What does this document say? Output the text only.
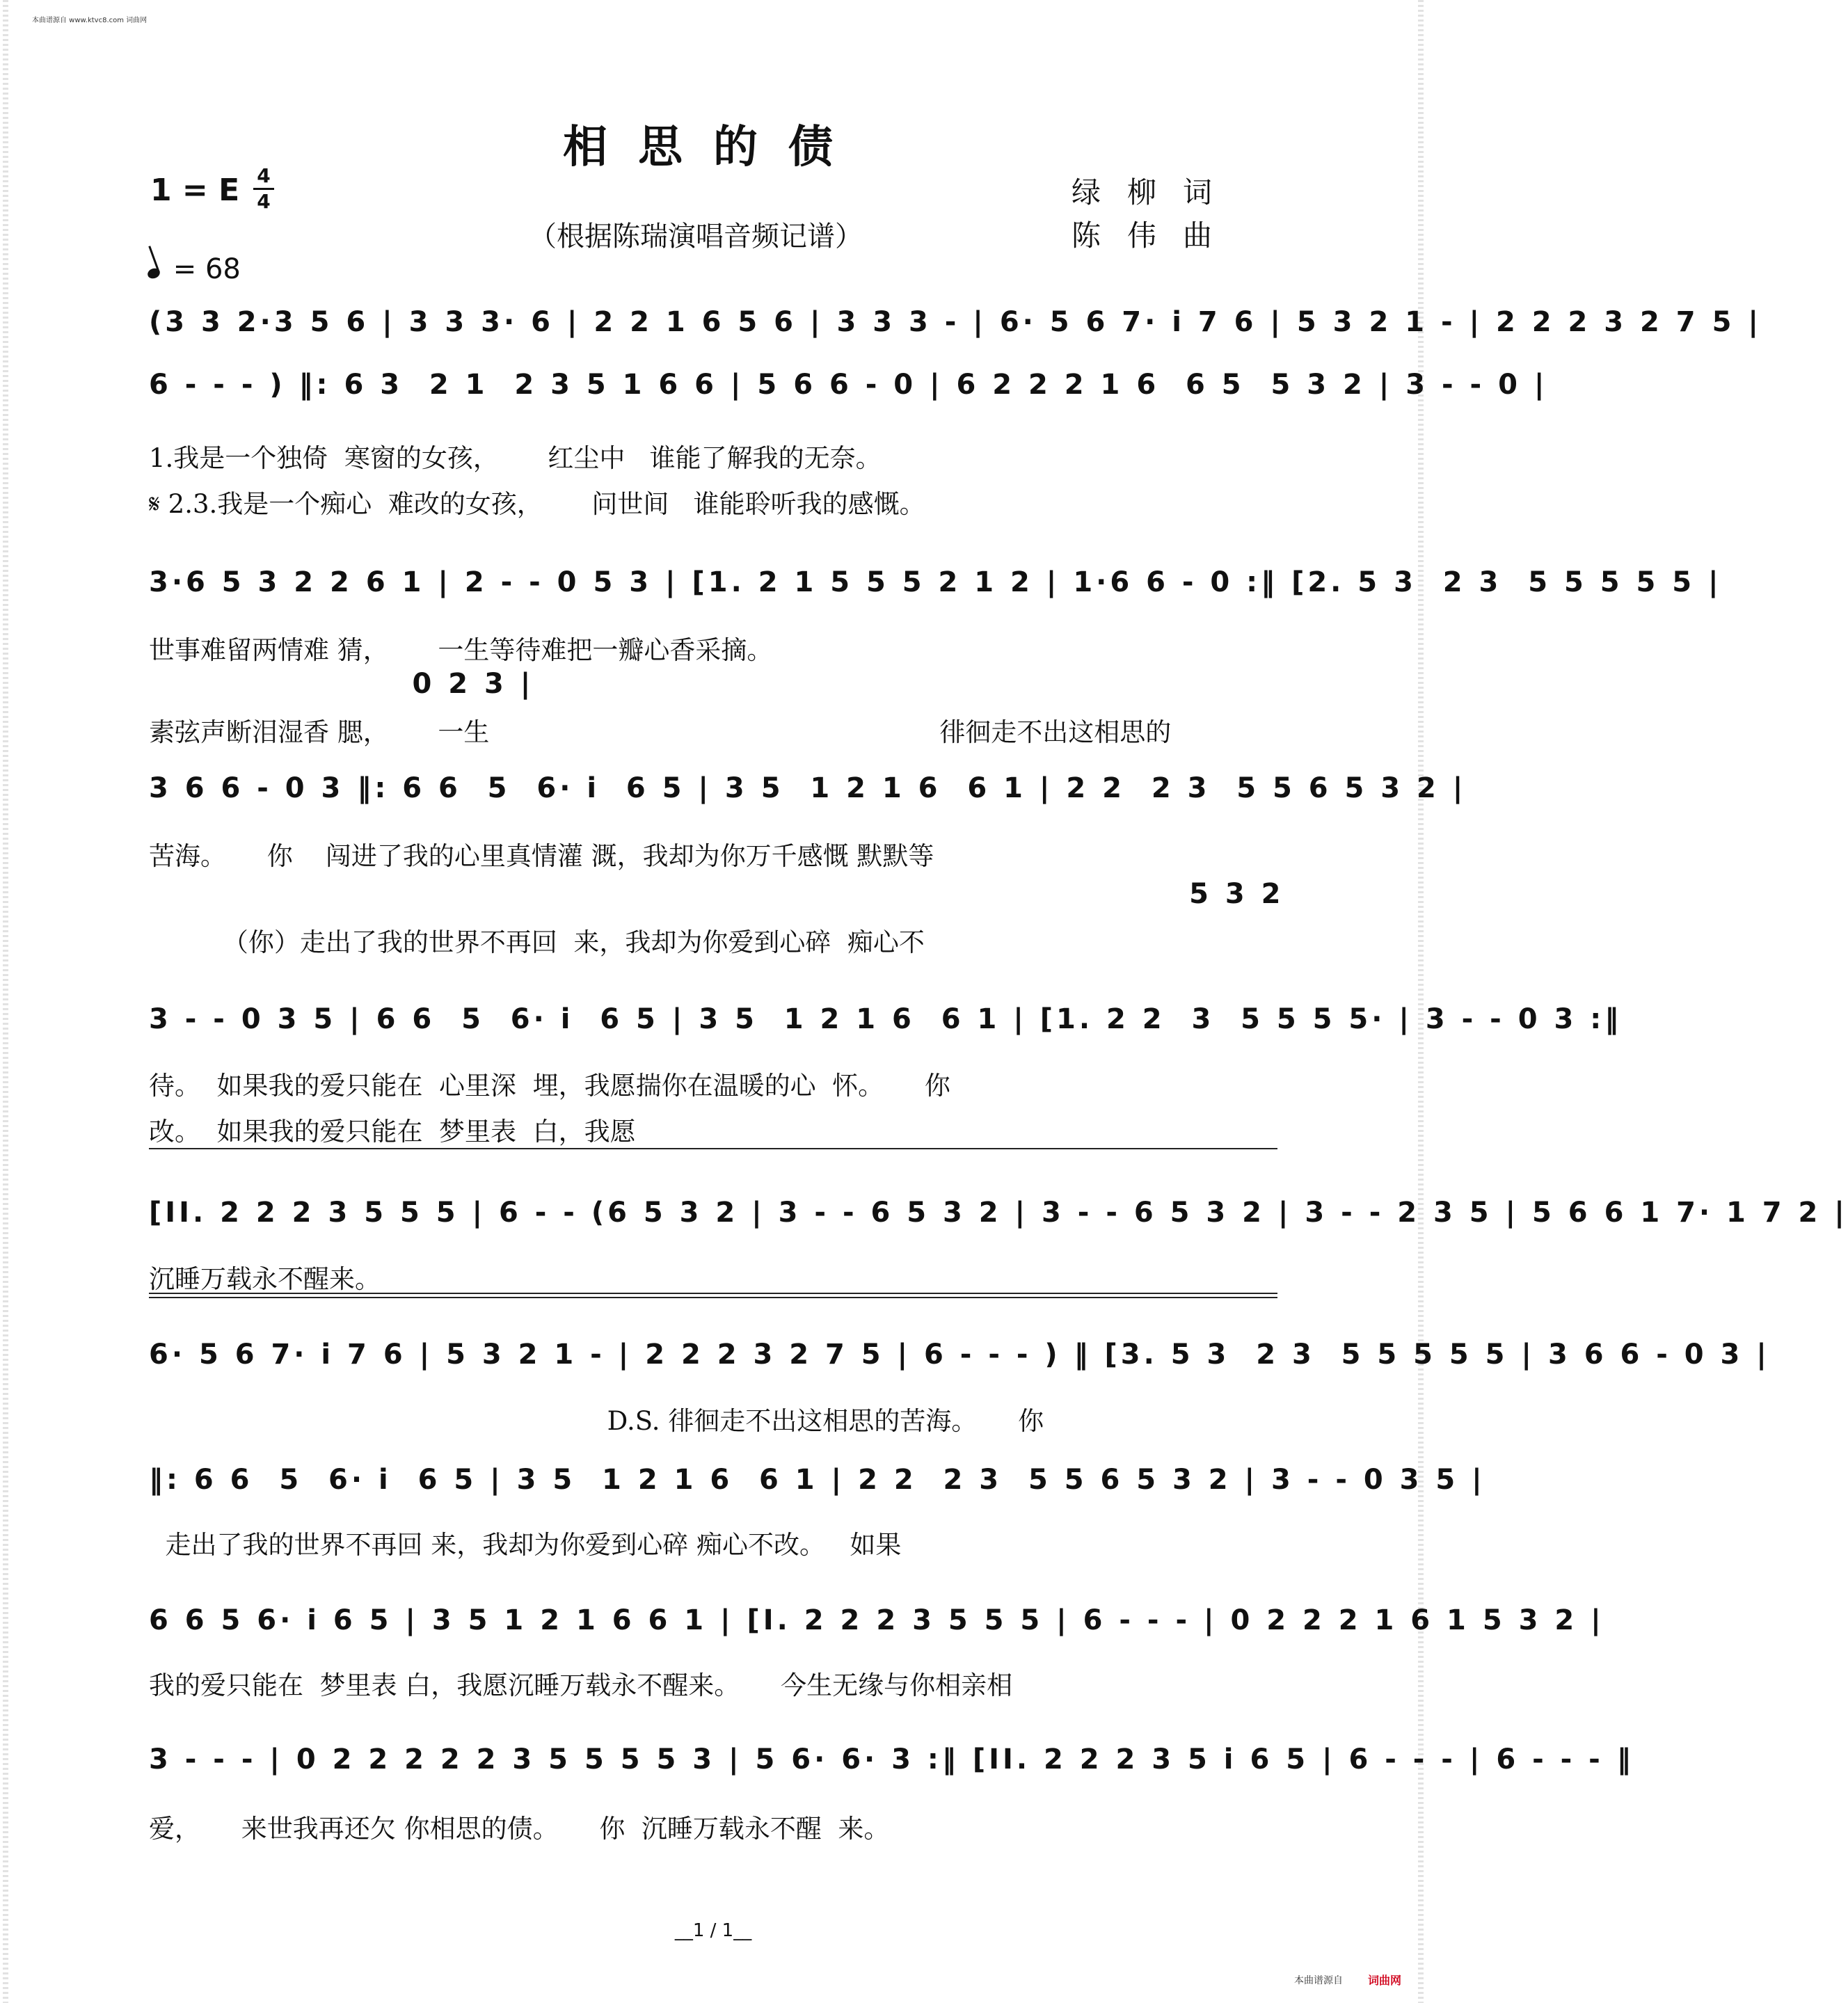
本曲谱源自 www.ktvc8.com 词曲网
相思的债
1 = E 4
4
= 68
（根据陈瑞演唱音频记谱）
绿柳词
陈伟曲
(3 3 2·3 5 6 | 3 3 3· 6 | 2 2 1 6 5 6 | 3 3 3 - | 6· 5 6 7· i 7 6 | 5 3 2 1 - | 2 2 2 3 2 7 5 |
6 - - - ) ‖: 6 3  2 1  2 3 5 1 6 6 | 5 6 6 - 0 | 6 2 2 2 1 6  6 5  5 3 2 | 3 - - 0 |
1.我是一个独倚  寒窗的女孩，      红尘中   谁能了解我的无奈。
𝄋 2.3.我是一个痴心  难改的女孩，      问世间   谁能聆听我的感慨。
3·6 5 3 2 2 6 1 | 2 - - 0 5 3 | [1. 2 1 5 5 5 2 1 2 | 1·6 6 - 0 :‖ [2. 5 3  2 3  5 5 5 5 5 |
世事难留两情难 猜，      一生等待难把一瓣心香采摘。
0 2 3 |
素弦声断泪湿香 腮，      一生                                                       徘徊走不出这相思的
3 6 6 - 0 3 ‖: 6 6  5  6· i  6 5 | 3 5  1 2 1 6  6 1 | 2 2  2 3  5 5 6 5 3 2 |
苦海。     你    闯进了我的心里真情灌 溉，我却为你万千感慨 默默等
5 3 2
（你）走出了我的世界不再回  来，我却为你爱到心碎  痴心不
3 - - 0 3 5 | 6 6  5  6· i  6 5 | 3 5  1 2 1 6  6 1 | [1. 2 2  3  5 5 5 5· | 3 - - 0 3 :‖
待。  如果我的爱只能在  心里深  埋，我愿揣你在温暖的心  怀。     你
改。  如果我的爱只能在  梦里表  白，我愿
[II. 2 2 2 3 5 5 5 | 6 - - (6 5 3 2 | 3 - - 6 5 3 2 | 3 - - 6 5 3 2 | 3 - - 2 3 5 | 5 6 6 1 7· 1 7 2 |
沉睡万载永不醒来。
6· 5 6 7· i 7 6 | 5 3 2 1 - | 2 2 2 3 2 7 5 | 6 - - - ) ‖ [3. 5 3  2 3  5 5 5 5 5 | 3 6 6 - 0 3 |
D.S. 徘徊走不出这相思的苦海。     你
‖: 6 6  5  6· i  6 5 | 3 5  1 2 1 6  6 1 | 2 2  2 3  5 5 6 5 3 2 | 3 - - 0 3 5 |
走出了我的世界不再回 来，我却为你爱到心碎 痴心不改。   如果
6 6 5 6· i 6 5 | 3 5 1 2 1 6 6 1 | [I. 2 2 2 3 5 5 5 | 6 - - - | 0 2 2 2 1 6 1 5 3 2 |
我的爱只能在  梦里表 白，我愿沉睡万载永不醒来。     今生无缘与你相亲相
3 - - - | 0 2 2 2 2 2 3 5 5 5 5 3 | 5 6· 6· 3 :‖ [II. 2 2 2 3 5 i 6 5 | 6 - - - | 6 - - - ‖
爱，     来世我再还欠 你相思的债。     你  沉睡万载永不醒  来。
__1 / 1__
本曲谱源自 词曲网
